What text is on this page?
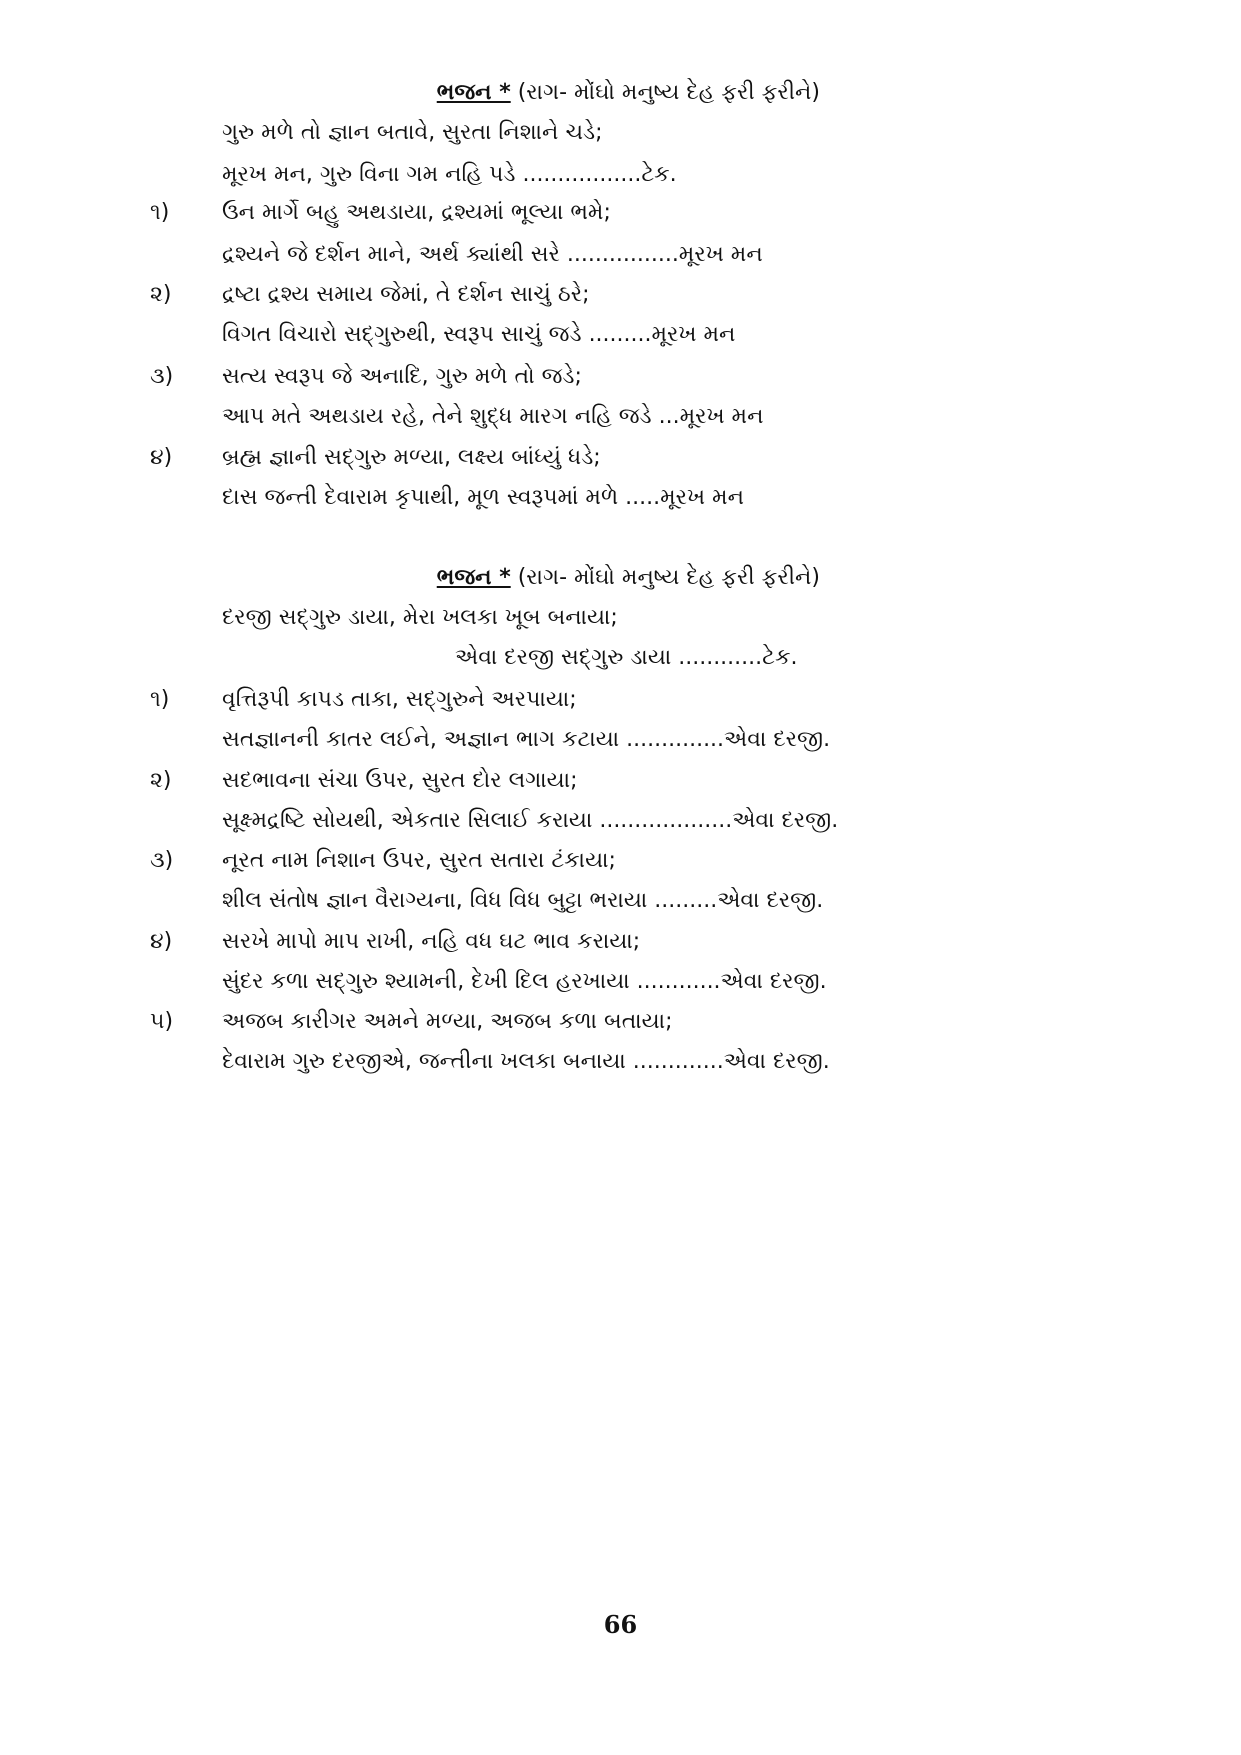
ભજન * (રાગ- મોંઘો મનુષ્ય દેહ ફરી ફરીને)
ગુરુ મળે તો જ્ઞાન બતાવે, સુરતા નિશાને ચડે;
મૂરખ મન, ગુરુ વિના ગમ નહિ પડે .................ટેક.
૧) ઉન માર્ગે બહુ અથડાયા, દ્રશ્યમાં ભૂલ્યા ભમે;
દ્રશ્યને જે દર્શન માને, અર્થ ક્યાંથી સરે ................મૂરખ મન
૨) દ્રષ્ટા દ્રશ્ય સમાય જેમાં, તે દર્શન સાચું ઠરે;
વિગત વિચારો સદ્‌ગુરુથી, સ્વરૂપ સાચું જડે .........મૂરખ મન
૩) સત્ય સ્વરૂપ જે અનાદિ, ગુરુ મળે તો જડે;
આપ મતે અથડાય રહે, તેને શુદ્ધ મારગ નહિ જડે ...મૂરખ મન
૪) બ્રહ્મ જ્ઞાની સદ્‌ગુરુ મળ્યા, લક્ષ્ય બાંધ્યું ધડે;
દાસ જન્તી દેવારામ કૃપાથી, મૂળ સ્વરૂપમાં મળે .....મૂરખ મન
ભજન * (રાગ- મોંઘો મનુષ્ય દેહ ફરી ફરીને)
દરજી સદ્‌ગુરુ ડાયા, મેરા ખલકા ખૂબ બનાયા;
એવા દરજી સદ્‌ગુરુ ડાયા ............ટેક.
૧) વૃત્તિરૂપી કાપડ તાકા, સદ્‌ગુરુને અરપાયા;
સતજ્ઞાનની કાતર લઈને, અજ્ઞાન ભાગ કટાયા ..............એવા દરજી.
૨) સદભાવના સંચા ઉપર, સુરત દોર લગાયા;
સૂક્ષ્મદ્રષ્ટિ સોયથી, એકતાર સિલાઈ કરાયા ...................એવા દરજી.
૩) નૂરત નામ નિશાન ઉપર, સુરત સતારા ટંકાયા;
શીલ સંતોષ જ્ઞાન વૈરાગ્યના, વિધ વિધ બુટ્ટા ભરાયા .........એવા દરજી.
૪) સરખે માપો માપ રાખી, નહિ વધ ઘટ ભાવ કરાયા;
સુંદર કળા સદ્‌ગુરુ શ્યામની, દેખી દિલ હરખાયા ............એવા દરજી.
૫) અજબ કારીગર અમને મળ્યા, અજબ કળા બતાયા;
દેવારામ ગુરુ દરજીએ, જન્તીના ખલકા બનાયા .............એવા દરજી.
66
